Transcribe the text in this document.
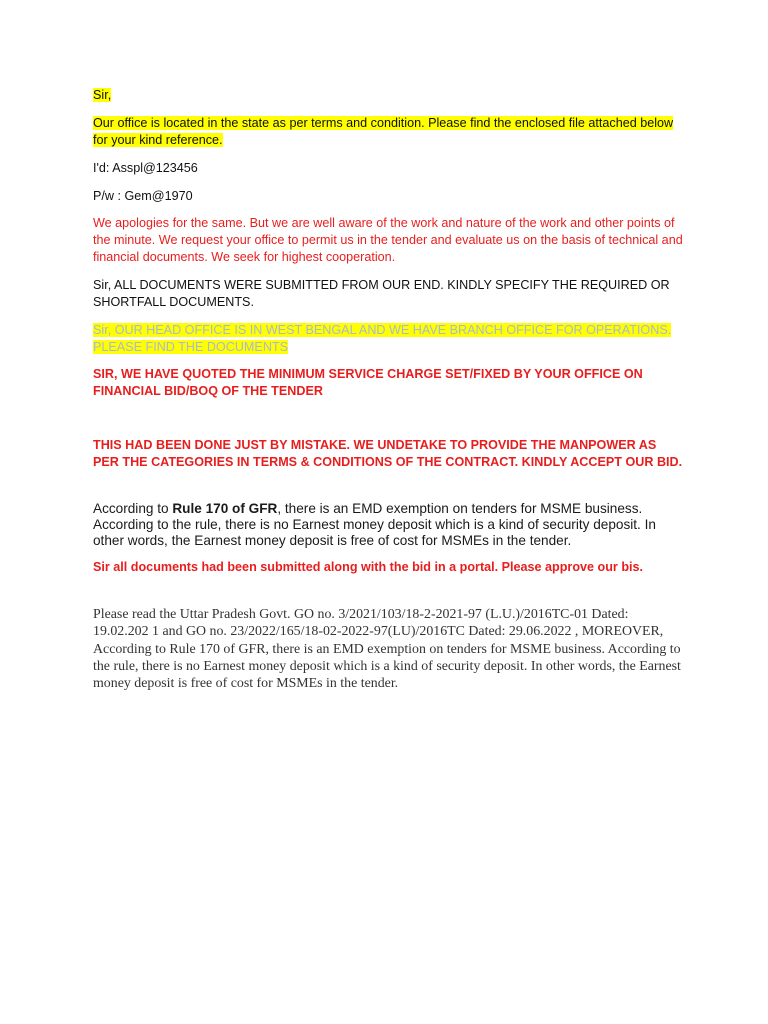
Sir,

Our office is located in the state as per terms and condition. Please find the enclosed file attached below for your kind reference.

I'd: Asspl@123456

P/w : Gem@1970

We apologies for the same. But we are well aware of the work and nature of the work and other points of the minute. We request your office to permit us in the tender and evaluate us on the basis of technical and financial documents. We seek for highest cooperation.

Sir, ALL DOCUMENTS WERE SUBMITTED FROM OUR END. KINDLY SPECIFY THE REQUIRED OR SHORTFALL DOCUMENTS.

Sir, OUR HEAD OFFICE IS IN WEST BENGAL AND WE HAVE BRANCH OFFICE FOR OPERATIONS. PLEASE FIND THE DOCUMENTS

SIR, WE HAVE QUOTED THE MINIMUM SERVICE CHARGE SET/FIXED BY YOUR OFFICE ON FINANCIAL BID/BOQ OF THE TENDER

THIS HAD BEEN DONE JUST BY MISTAKE. WE UNDETAKE TO PROVIDE THE MANPOWER AS PER THE CATEGORIES IN TERMS & CONDITIONS OF THE CONTRACT. KINDLY ACCEPT OUR BID.

According to Rule 170 of GFR, there is an EMD exemption on tenders for MSME business. According to the rule, there is no Earnest money deposit which is a kind of security deposit. In other words, the Earnest money deposit is free of cost for MSMEs in the tender.

Sir all documents had been submitted along with the bid in a portal. Please approve our bis.

Please read the Uttar Pradesh Govt. GO no. 3/2021/103/18-2-2021-97 (L.U.)/2016TC-01 Dated: 19.02.202 1 and GO no. 23/2022/165/18-02-2022-97(LU)/2016TC Dated: 29.06.2022 , MOREOVER, According to Rule 170 of GFR, there is an EMD exemption on tenders for MSME business. According to the rule, there is no Earnest money deposit which is a kind of security deposit. In other words, the Earnest money deposit is free of cost for MSMEs in the tender.
